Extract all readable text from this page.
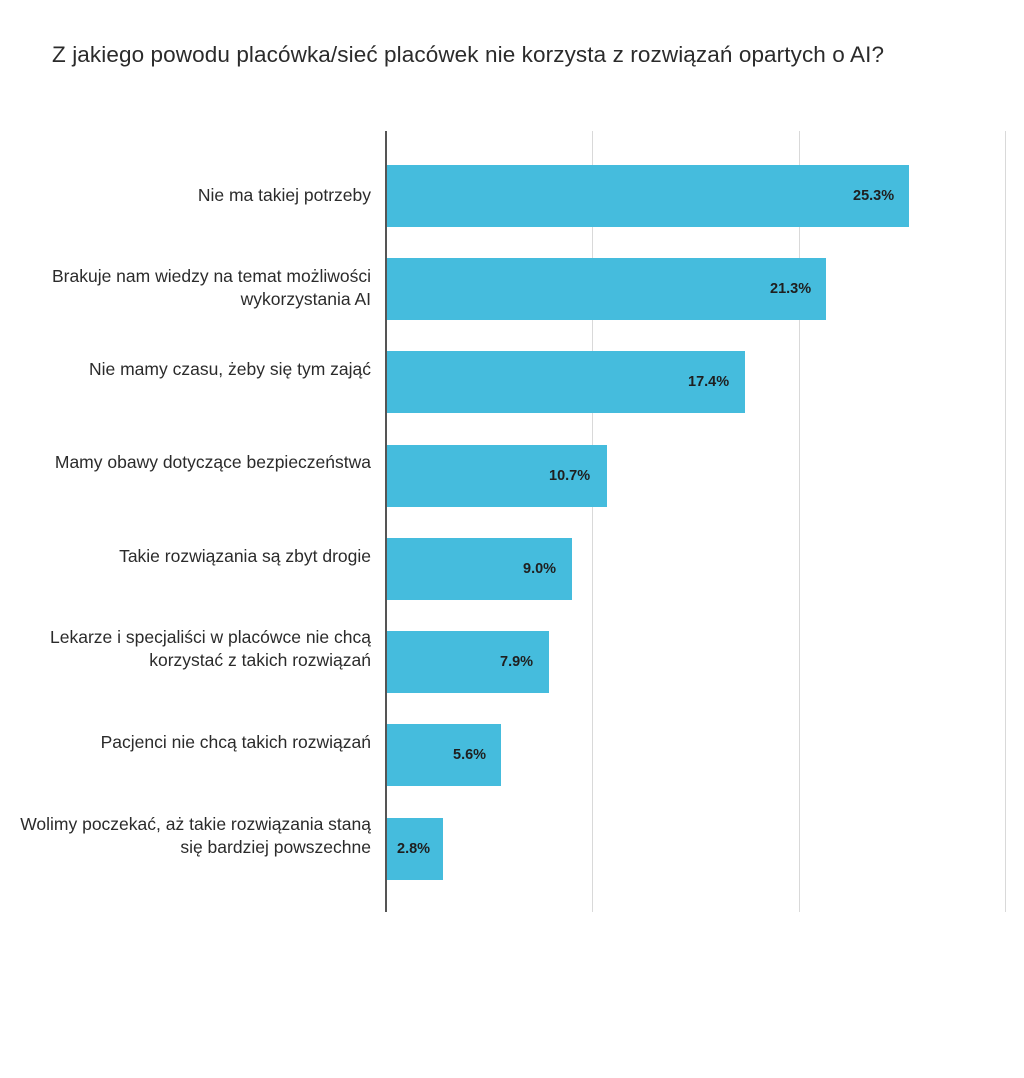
Z jakiego powodu placówka/sieć placówek nie korzysta z rozwiązań opartych o AI?
25.3%
21.3%
17.4%
10.7%
9.0%
7.9%
5.6%
2.8%
Nie ma takiej potrzeby
Brakuje nam wiedzy na temat możliwości wykorzystania AI
Nie mamy czasu, żeby się tym zająć
Mamy obawy dotyczące bezpieczeństwa
Takie rozwiązania są zbyt drogie
Lekarze i specjaliści w placówce nie chcą korzystać z takich rozwiązań
Pacjenci nie chcą takich rozwiązań
Wolimy poczekać, aż takie rozwiązania staną się bardziej powszechne
